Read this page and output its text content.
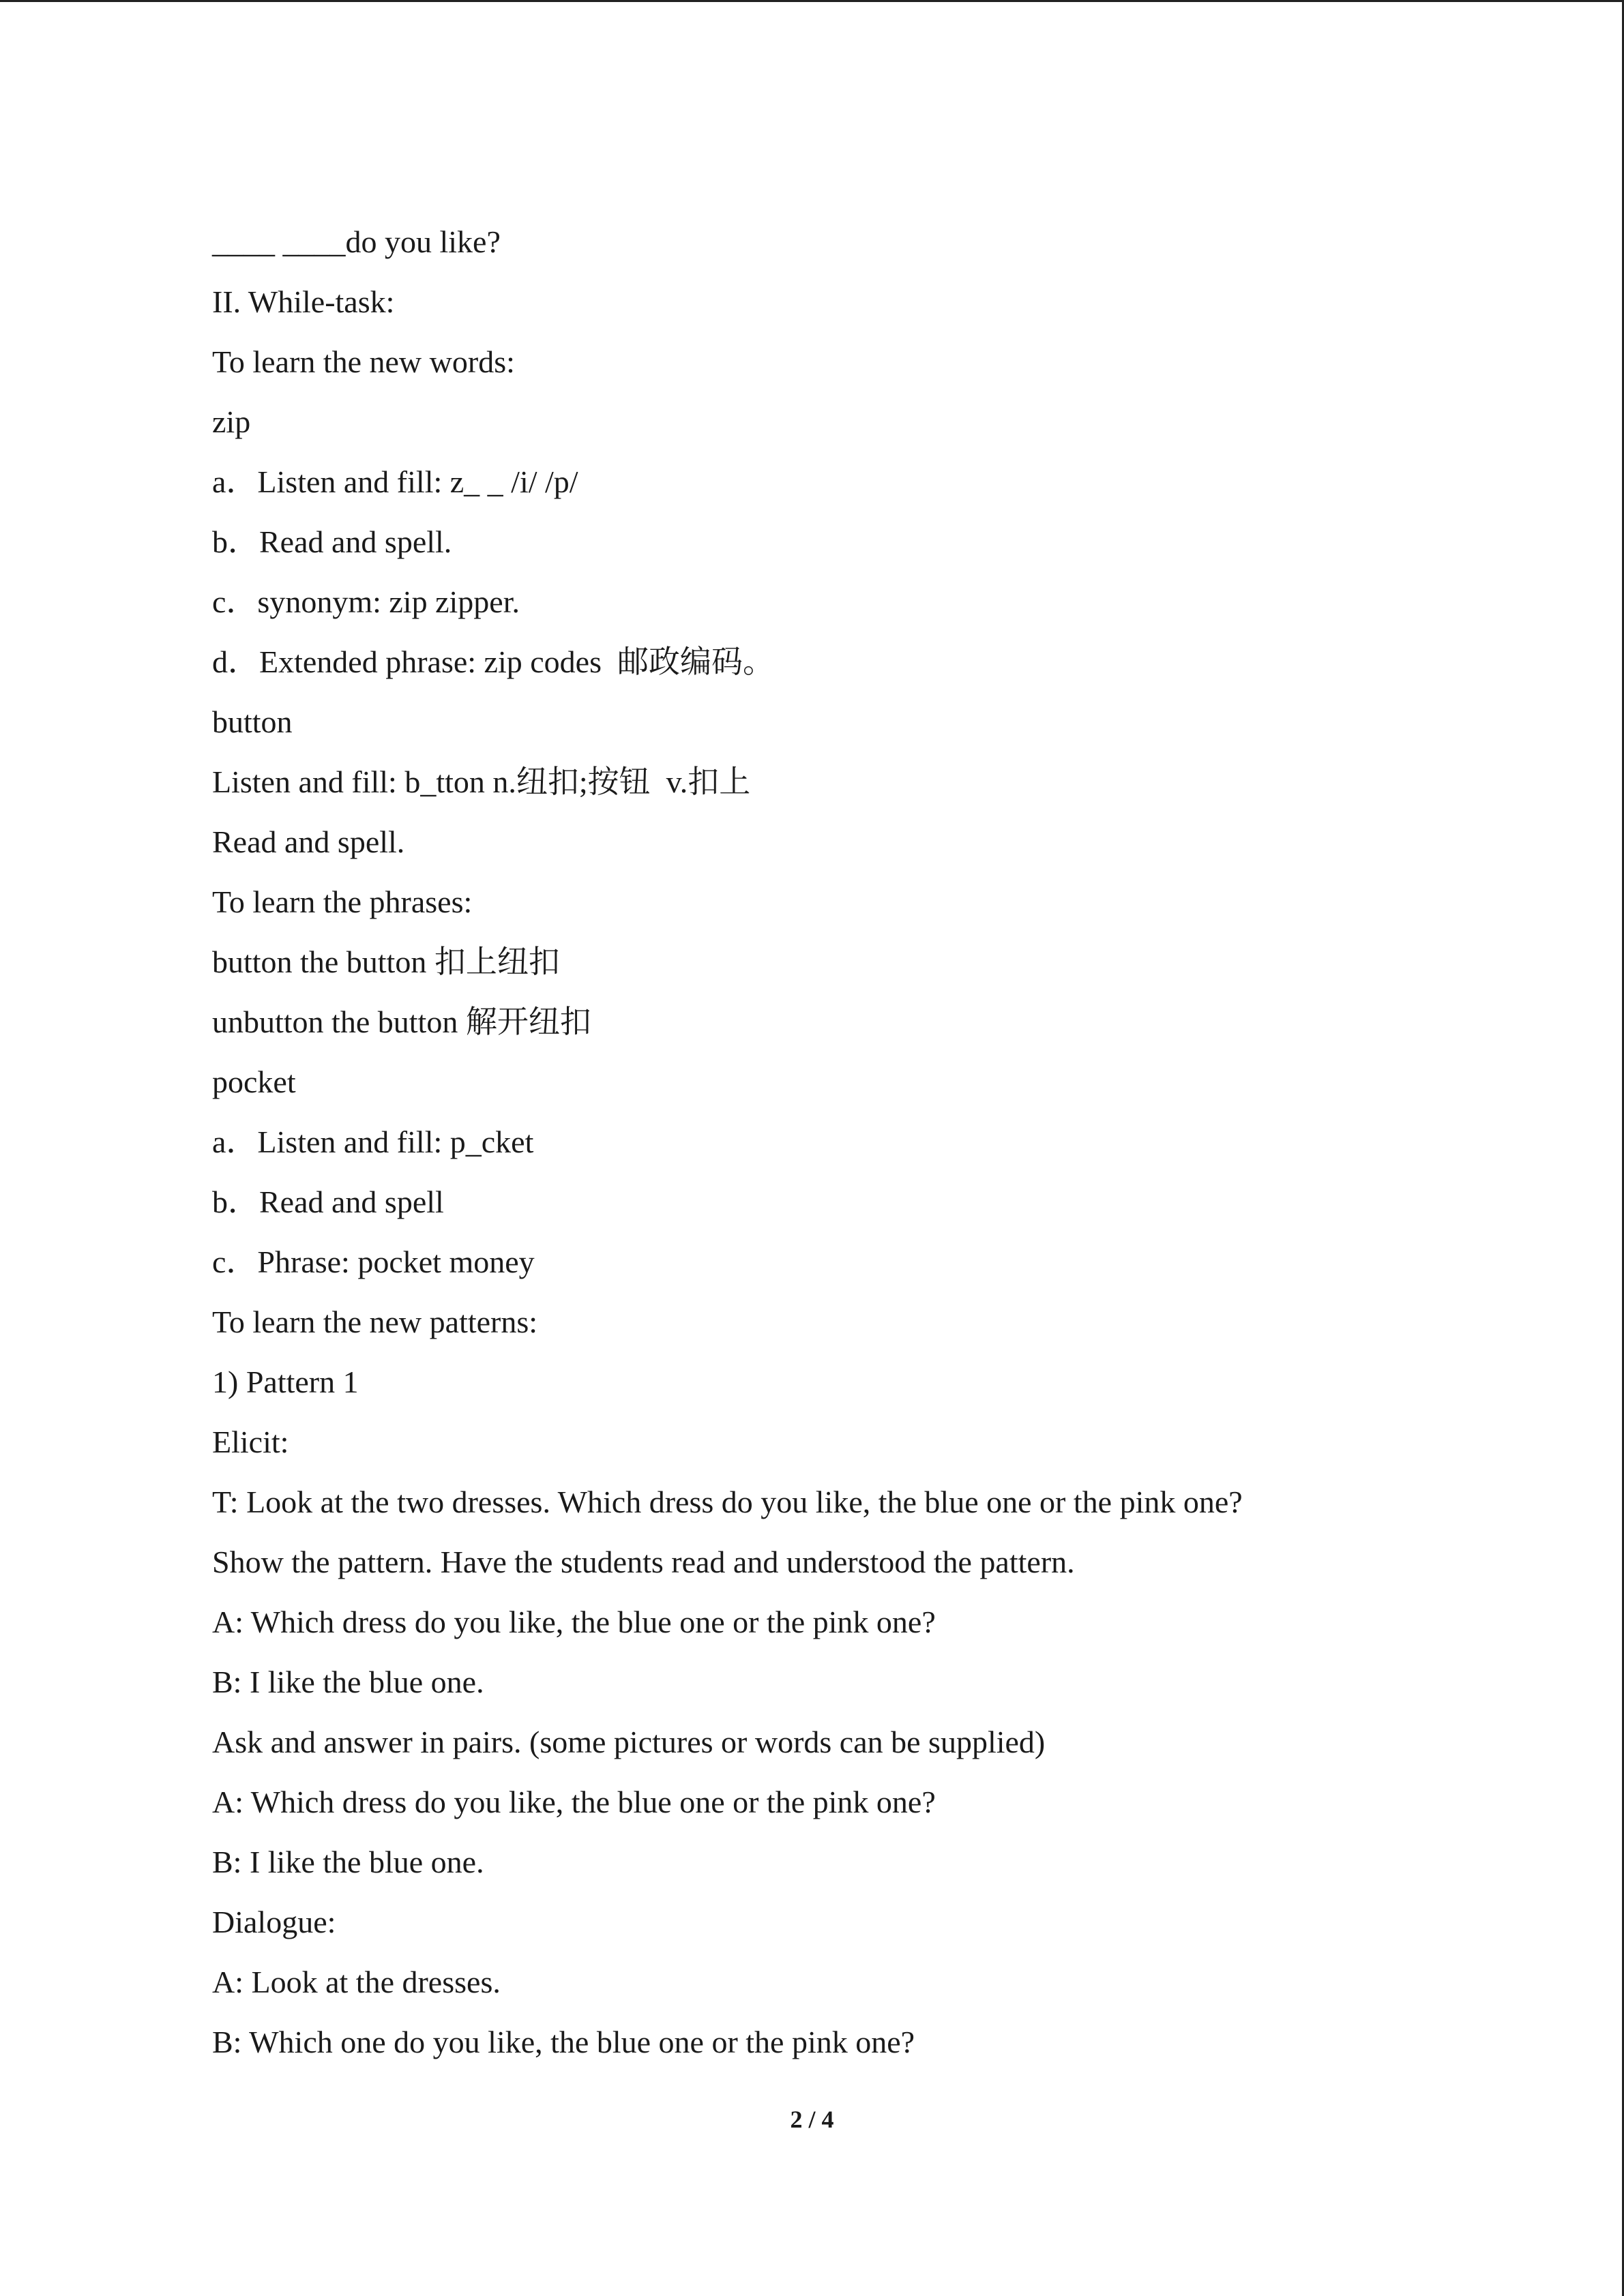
____ ____do you like?
II. While-task:
To learn the new words:
zip
a．Listen and fill: z_ _ /i/ /p/
b．Read and spell.
c．synonym: zip zipper.
d．Extended phrase: zip codes  邮政编码。
button
Listen and fill: b_tton n.纽扣;按钮  v.扣上
Read and spell.
To learn the phrases:
button the button 扣上纽扣
unbutton the button 解开纽扣
pocket
a．Listen and fill: p_cket
b．Read and spell
c．Phrase: pocket money
To learn the new patterns:
1) Pattern 1
Elicit:
T: Look at the two dresses. Which dress do you like, the blue one or the pink one?
Show the pattern. Have the students read and understood the pattern.
A: Which dress do you like, the blue one or the pink one?
B: I like the blue one.
Ask and answer in pairs. (some pictures or words can be supplied)
A: Which dress do you like, the blue one or the pink one?
B: I like the blue one.
Dialogue:
A: Look at the dresses.
B: Which one do you like, the blue one or the pink one?
2 / 4
